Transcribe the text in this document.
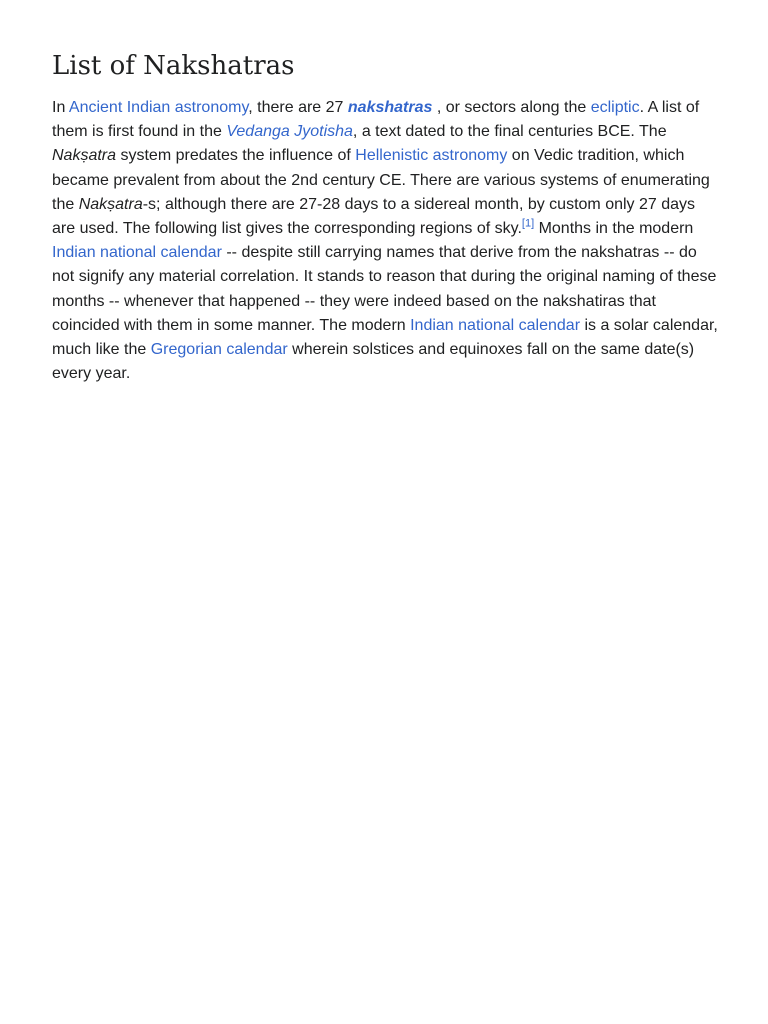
List of Nakshatras

In Ancient Indian astronomy, there are 27 nakshatras , or sectors along the ecliptic. A list of them is first found in the Vedanga Jyotisha, a text dated to the final centuries BCE. The Nakṣatra system predates the influence of Hellenistic astronomy on Vedic tradition, which became prevalent from about the 2nd century CE. There are various systems of enumerating the Nakṣatra-s; although there are 27-28 days to a sidereal month, by custom only 27 days are used. The following list gives the corresponding regions of sky.[1] Months in the modern Indian national calendar -- despite still carrying names that derive from the nakshatras -- do not signify any material correlation. It stands to reason that during the original naming of these months -- whenever that happened -- they were indeed based on the nakshatiras that coincided with them in some manner. The modern Indian national calendar is a solar calendar, much like the Gregorian calendar wherein solstices and equinoxes fall on the same date(s) every year.
